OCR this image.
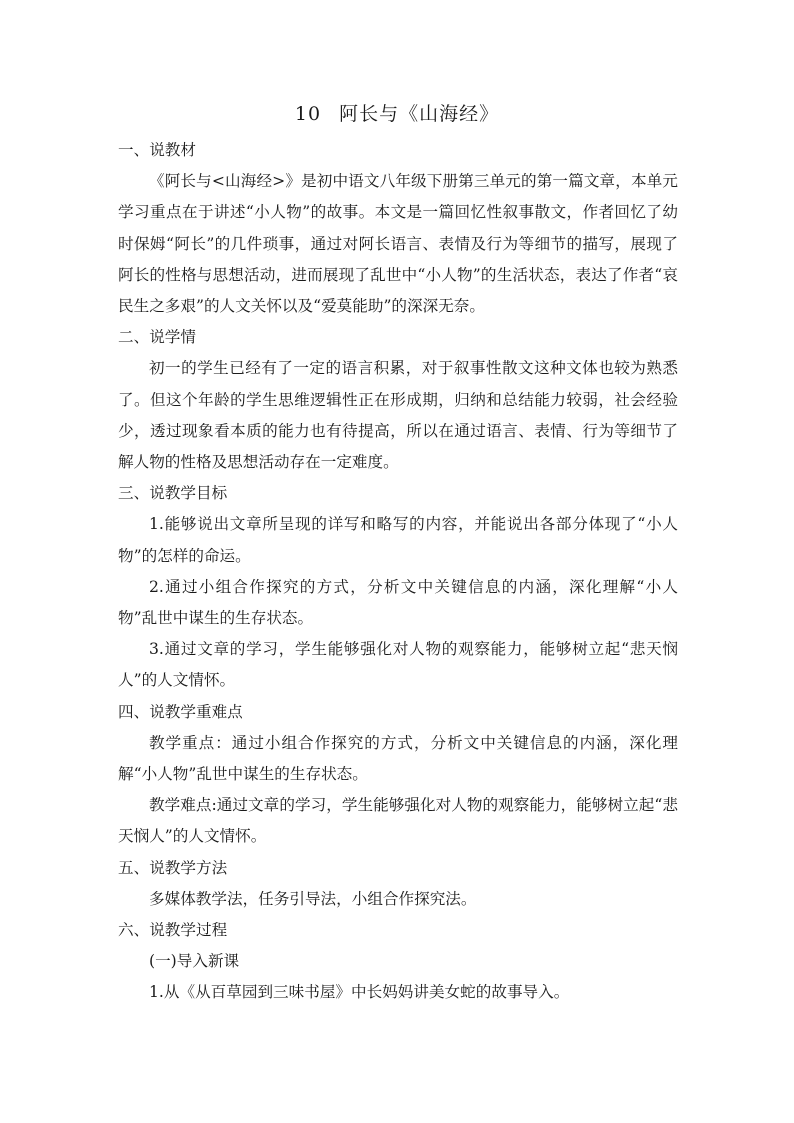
10 阿长与《山海经》

一、说教材

《阿长与<山海经>》是初中语文八年级下册第三单元的第一篇文章，本单元学习重点在于讲述“小人物”的故事。本文是一篇回忆性叙事散文，作者回忆了幼时保姆“阿长”的几件琐事，通过对阿长语言、表情及行为等细节的描写，展现了阿长的性格与思想活动，进而展现了乱世中“小人物”的生活状态，表达了作者“哀民生之多艰”的人文关怀以及“爱莫能助”的深深无奈。

二、说学情

初一的学生已经有了一定的语言积累，对于叙事性散文这种文体也较为熟悉了。但这个年龄的学生思维逻辑性正在形成期，归纳和总结能力较弱，社会经验少，透过现象看本质的能力也有待提高，所以在通过语言、表情、行为等细节了解人物的性格及思想活动存在一定难度。

三、说教学目标

1.能够说出文章所呈现的详写和略写的内容，并能说出各部分体现了“小人物”的怎样的命运。

2.通过小组合作探究的方式，分析文中关键信息的内涵，深化理解“小人物”乱世中谋生的生存状态。

3.通过文章的学习，学生能够强化对人物的观察能力，能够树立起“悲天悯人”的人文情怀。

四、说教学重难点

教学重点：通过小组合作探究的方式，分析文中关键信息的内涵，深化理解“小人物”乱世中谋生的生存状态。

教学难点:通过文章的学习，学生能够强化对人物的观察能力，能够树立起“悲天悯人”的人文情怀。

五、说教学方法

多媒体教学法，任务引导法，小组合作探究法。

六、说教学过程

(一)导入新课

1.从《从百草园到三味书屋》中长妈妈讲美女蛇的故事导入。
